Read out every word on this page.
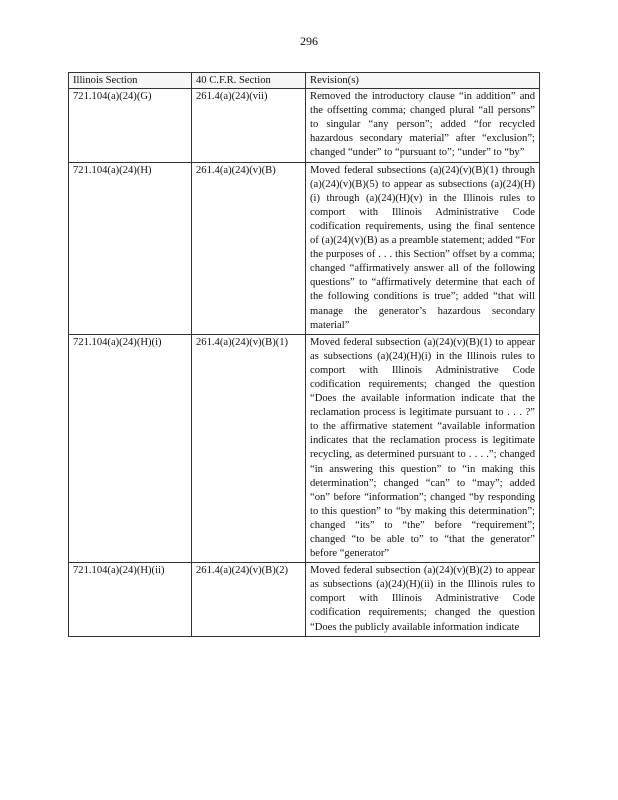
296
Illinois Section	40 C.F.R. Section	Revision(s)
721.104(a)(24)(G)	261.4(a)(24)(vii)	Removed the introductory clause “in addition” and the offsetting comma; changed plural “all persons” to singular “any person”; added “for recycled hazardous secondary material” after “exclusion”; changed “under” to “pursuant to”; “under” to “by”
721.104(a)(24)(H)	261.4(a)(24)(v)(B)	Moved federal subsections (a)(24)(v)(B)(1) through (a)(24)(v)(B)(5) to appear as subsections (a)(24)(H)(i) through (a)(24)(H)(v) in the Illinois rules to comport with Illinois Administrative Code codification requirements, using the final sentence of (a)(24)(v)(B) as a preamble statement; added “For the purposes of . . . this Section” offset by a comma; changed “affirmatively answer all of the following questions” to “affirmatively determine that each of the following conditions is true”; added “that will manage the generator’s hazardous secondary material”
721.104(a)(24)(H)(i)	261.4(a)(24)(v)(B)(1)	Moved federal subsection (a)(24)(v)(B)(1) to appear as subsections (a)(24)(H)(i) in the Illinois rules to comport with Illinois Administrative Code codification requirements; changed the question “Does the available information indicate that the reclamation process is legitimate pursuant to . . . ?” to the affirmative statement “available information indicates that the reclamation process is legitimate recycling, as determined pursuant to . . . .”; changed “in answering this question” to “in making this determination”; changed “can” to “may”; added “on” before “information”; changed “by responding to this question” to “by making this determination”; changed “its” to “the” before “requirement”; changed “to be able to” to “that the generator” before “generator”
721.104(a)(24)(H)(ii)	261.4(a)(24)(v)(B)(2)	Moved federal subsection (a)(24)(v)(B)(2) to appear as subsections (a)(24)(H)(ii) in the Illinois rules to comport with Illinois Administrative Code codification requirements; changed the question “Does the publicly available information indicate
